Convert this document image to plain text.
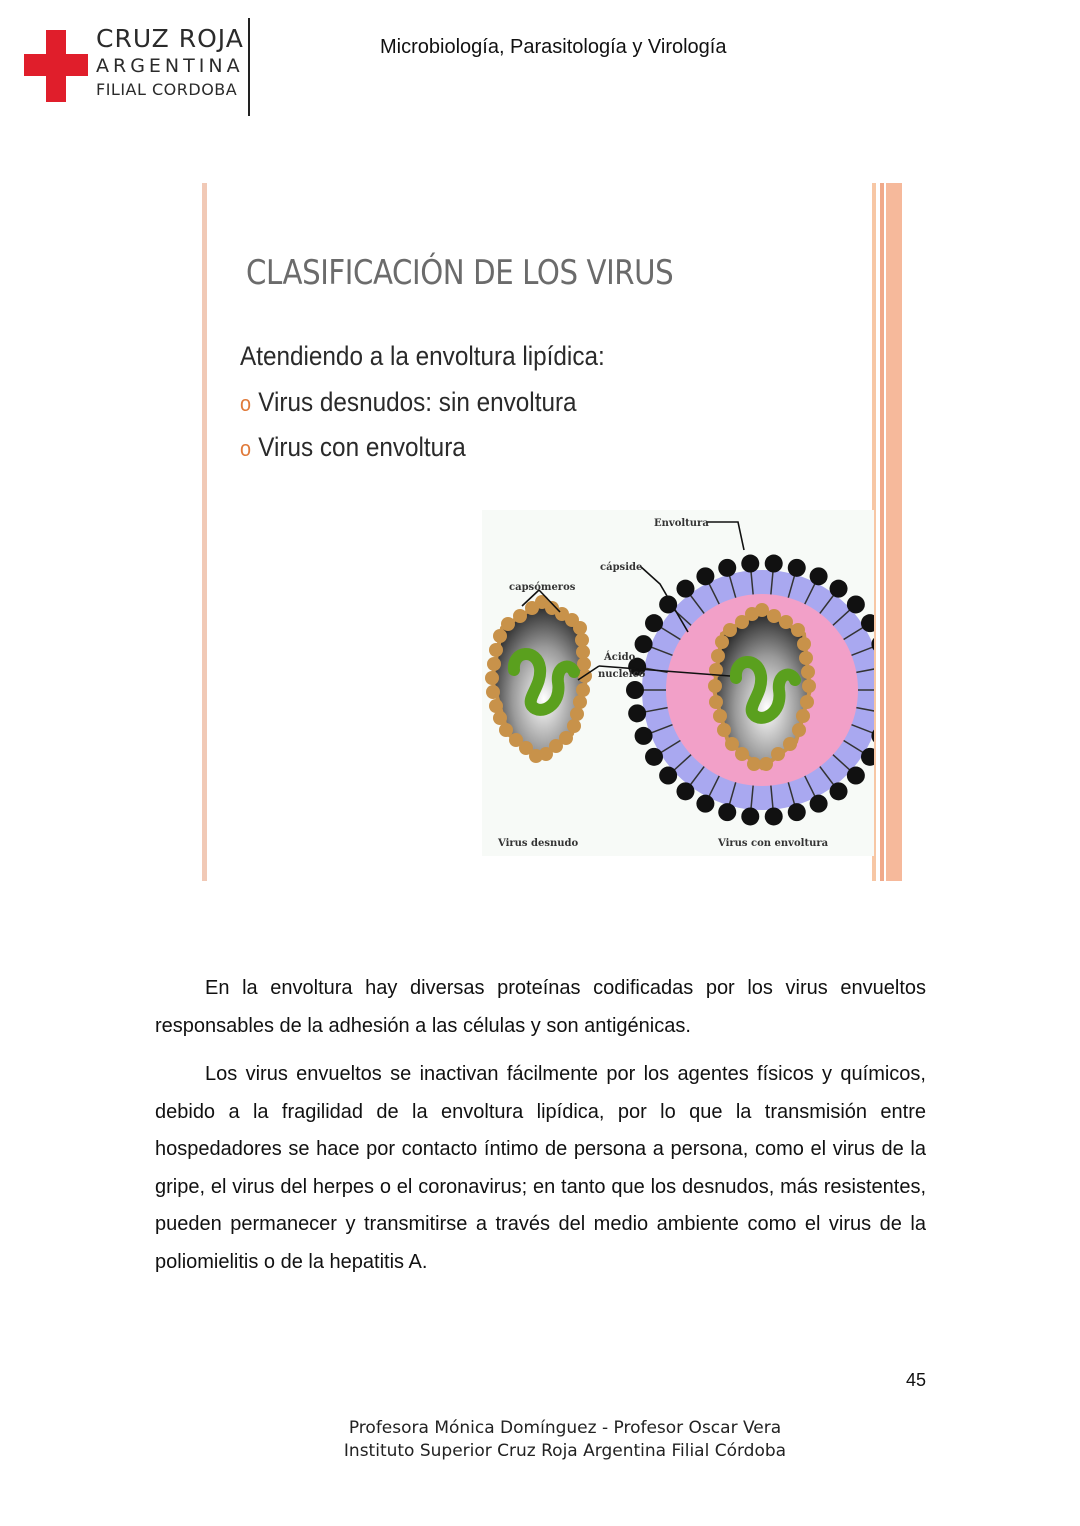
CRUZ ROJA
ARGENTINA
FILIAL CORDOBA
Microbiología, Parasitología y Virología
CLASIFICACIÓN DE LOS VIRUS
Atendiendo a la envoltura lipídica:
o Virus desnudos: sin envoltura
o Virus con envoltura
Envoltura
cápside
capsómeros
Ácido
nucleico
Virus desnudo	Virus con envoltura
En la envoltura hay diversas proteínas codificadas por los virus envueltos responsables de la adhesión a las células y son antigénicas.
Los virus envueltos se inactivan fácilmente por los agentes físicos y químicos, debido a la fragilidad de la envoltura lipídica, por lo que la transmisión entre hospedadores se hace por contacto íntimo de persona a persona, como el virus de la gripe, el virus del herpes o el coronavirus; en tanto que los desnudos, más resistentes, pueden permanecer y transmitirse a través del medio ambiente como el virus de la poliomielitis o de la hepatitis A.
45
Profesora Mónica Domínguez - Profesor Oscar Vera
Instituto Superior Cruz Roja Argentina Filial Córdoba
